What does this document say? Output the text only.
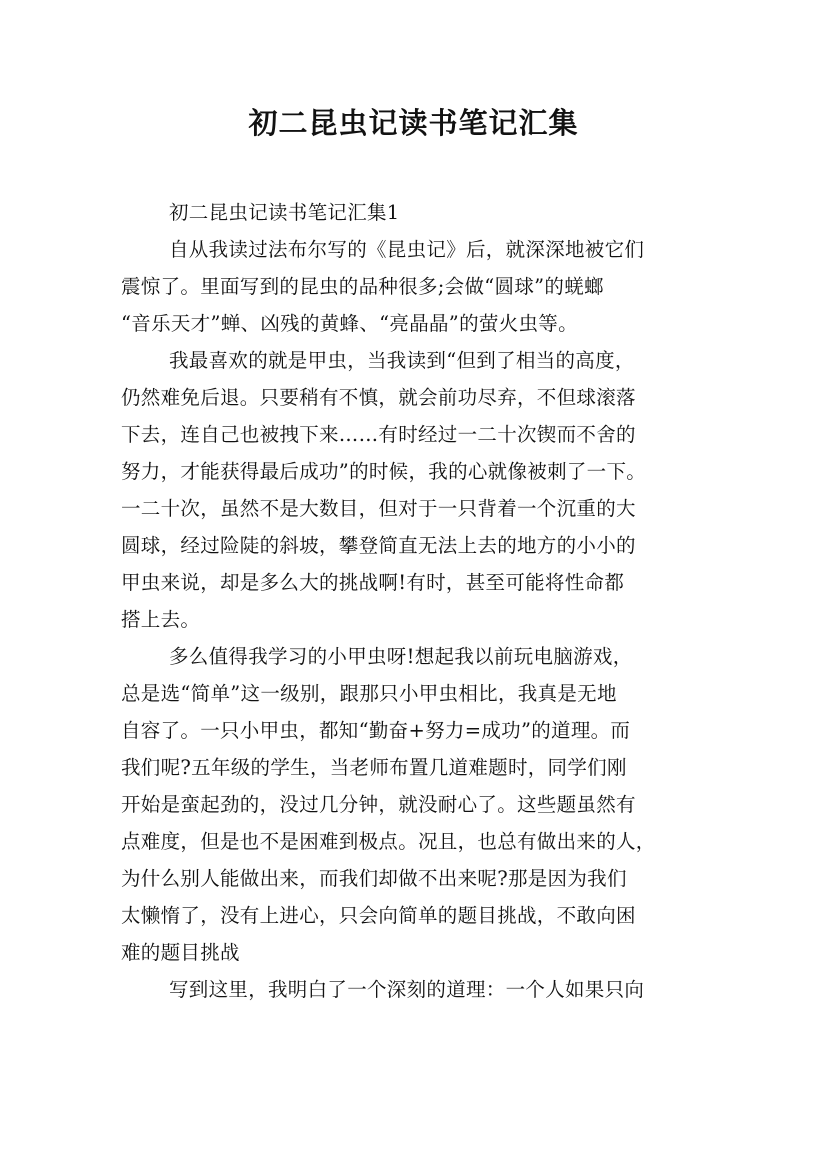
初二昆虫记读书笔记汇集

初二昆虫记读书笔记汇集1

自从我读过法布尔写的《昆虫记》后，就深深地被它们

震惊了。里面写到的昆虫的品种很多;会做“圆球”的蜣螂

“音乐天才”蝉、凶残的黄蜂、“亮晶晶”的萤火虫等。

我最喜欢的就是甲虫，当我读到“但到了相当的高度，

仍然难免后退。只要稍有不慎，就会前功尽弃，不但球滚落

下去，连自己也被拽下来……有时经过一二十次锲而不舍的

努力，才能获得最后成功”的时候，我的心就像被刺了一下。

一二十次，虽然不是大数目，但对于一只背着一个沉重的大

圆球，经过险陡的斜坡，攀登简直无法上去的地方的小小的

甲虫来说，却是多么大的挑战啊!有时，甚至可能将性命都

搭上去。

多么值得我学习的小甲虫呀!想起我以前玩电脑游戏，

总是选“简单”这一级别，跟那只小甲虫相比，我真是无地

自容了。一只小甲虫，都知“勤奋+努力=成功”的道理。而

我们呢?五年级的学生，当老师布置几道难题时，同学们刚

开始是蛮起劲的，没过几分钟，就没耐心了。这些题虽然有

点难度，但是也不是困难到极点。况且，也总有做出来的人，

为什么别人能做出来，而我们却做不出来呢?那是因为我们

太懒惰了，没有上进心，只会向简单的题目挑战，不敢向困

难的题目挑战

写到这里，我明白了一个深刻的道理：一个人如果只向
